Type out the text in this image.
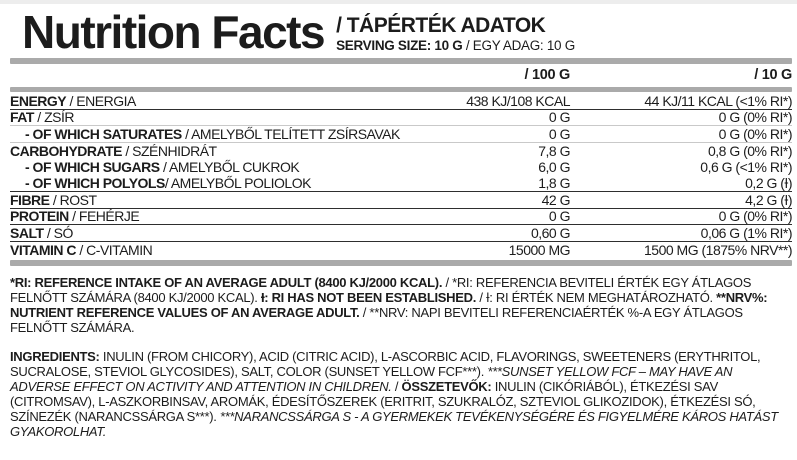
Nutrition Facts / TÁPÉRTÉK ADATOK
SERVING SIZE: 10 G / EGY ADAG: 10 G
/ 100 G	/ 10 G
ENERGY / ENERGIA	438 KJ/108 KCAL	44 KJ/11 KCAL (<1% RI*)
FAT / ZSÍR	0 G	0 G (0% RI*)
- OF WHICH SATURATES / AMELYBŐL TELÍTETT ZSÍRSAVAK	0 G	0 G (0% RI*)
CARBOHYDRATE / SZÉNHIDRÁT	7,8 G	0,8 G (0% RI*)
- OF WHICH SUGARS / AMELYBŐL CUKROK	6,0 G	0,6 G (<1% RI*)
- OF WHICH POLYOLS/ AMELYBŐL POLIOLOK	1,8 G	0,2 G (Ɨ)
FIBRE / ROST	42 G	4,2 G (Ɨ)
PROTEIN / FEHÉRJE	0 G	0 G (0% RI*)
SALT / SÓ	0,60 G	0,06 G (1% RI*)
VITAMIN C / C-VITAMIN	15000 MG	1500 MG (1875% NRV**)

*RI: REFERENCE INTAKE OF AN AVERAGE ADULT (8400 KJ/2000 KCAL). / *RI: REFERENCIA BEVITELI ÉRTÉK EGY ÁTLAGOS FELNŐTT SZÁMÁRA (8400 KJ/2000 KCAL). Ɨ: RI HAS NOT BEEN ESTABLISHED. / Ɨ: RI ÉRTÉK NEM MEGHATÁROZHATÓ. **NRV%: NUTRIENT REFERENCE VALUES OF AN AVERAGE ADULT. / **NRV: NAPI BEVITELI REFERENCIAÉRTÉK %-A EGY ÁTLAGOS FELNŐTT SZÁMÁRA.

INGREDIENTS: INULIN (FROM CHICORY), ACID (CITRIC ACID), L-ASCORBIC ACID, FLAVORINGS, SWEETENERS (ERYTHRITOL, SUCRALOSE, STEVIOL GLYCOSIDES), SALT, COLOR (SUNSET YELLOW FCF***). ***SUNSET YELLOW FCF – MAY HAVE AN ADVERSE EFFECT ON ACTIVITY AND ATTENTION IN CHILDREN. / ÖSSZETEVŐK: INULIN (CIKÓRIÁBÓL), ÉTKEZÉSI SAV (CITROMSAV), L-ASZKORBINSAV, AROMÁK, ÉDESÍTŐSZEREK (ERITRIT, SZUKRALÓZ, SZTEVIOL GLIKOZIDOK), ÉTKEZÉSI SÓ, SZÍNEZÉK (NARANCSSÁRGA S***). ***NARANCSSÁRGA S - A GYERMEKEK TEVÉKENYSÉGÉRE ÉS FIGYELMÉRE KÁROS HATÁST GYAKOROLHAT.
